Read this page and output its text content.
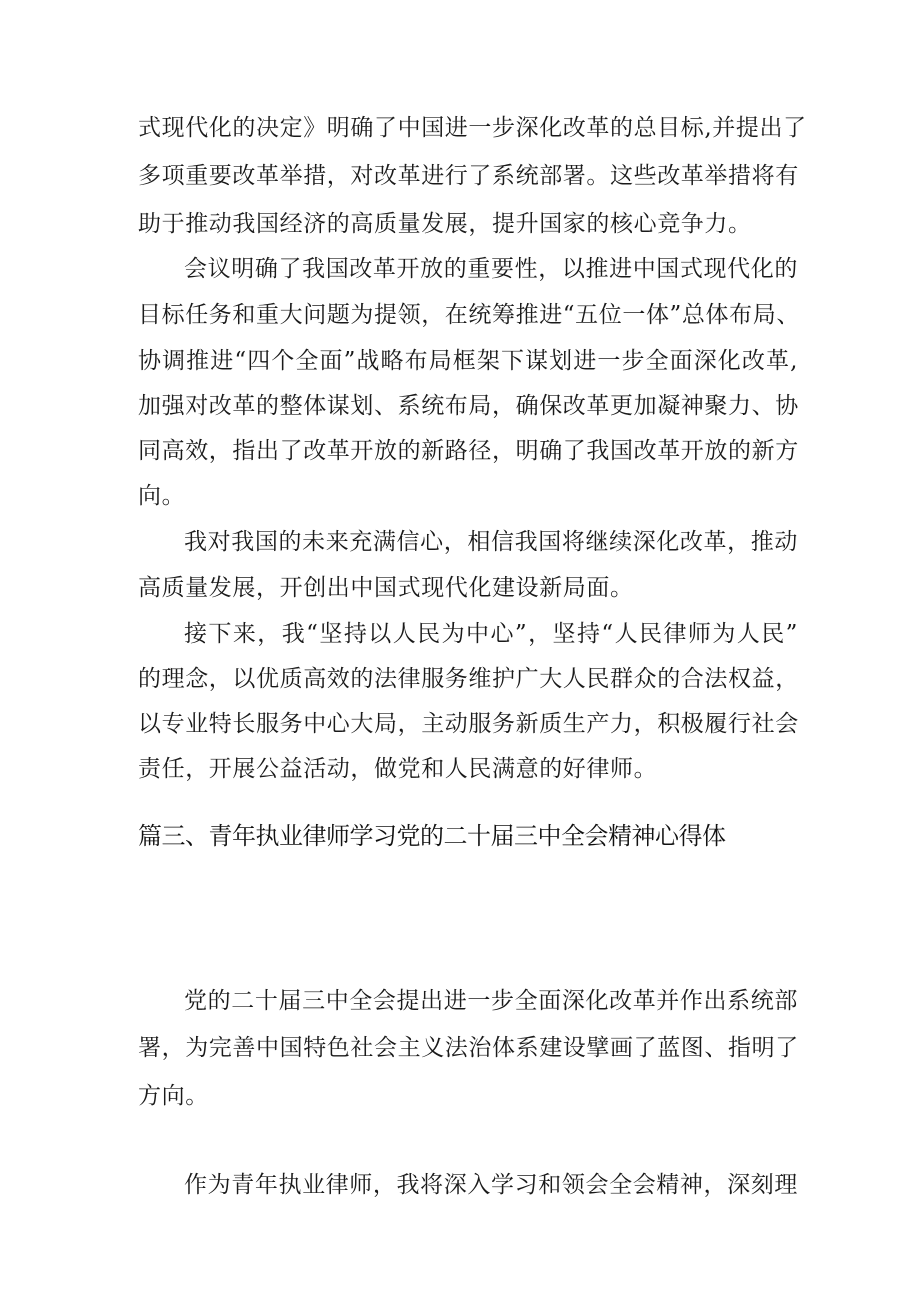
式现代化的决定》明确了中国进一步深化改革的总目标,并提出了
多项重要改革举措，对改革进行了系统部署。这些改革举措将有
助于推动我国经济的高质量发展，提升国家的核心竞争力。
会议明确了我国改革开放的重要性，以推进中国式现代化的
目标任务和重大问题为提领，在统筹推进“五位一体”总体布局、
协调推进“四个全面”战略布局框架下谋划进一步全面深化改革,
加强对改革的整体谋划、系统布局，确保改革更加凝神聚力、协
同高效，指出了改革开放的新路径，明确了我国改革开放的新方
向。
我对我国的未来充满信心，相信我国将继续深化改革，推动
高质量发展，开创出中国式现代化建设新局面。
接下来，我“坚持以人民为中心”，坚持“人民律师为人民”
的理念，以优质高效的法律服务维护广大人民群众的合法权益，
以专业特长服务中心大局，主动服务新质生产力，积极履行社会
责任，开展公益活动，做党和人民满意的好律师。
篇三、青年执业律师学习党的二十届三中全会精神心得体
党的二十届三中全会提出进一步全面深化改革并作出系统部
署，为完善中国特色社会主义法治体系建设擘画了蓝图、指明了
方向。
作为青年执业律师，我将深入学习和领会全会精神，深刻理
